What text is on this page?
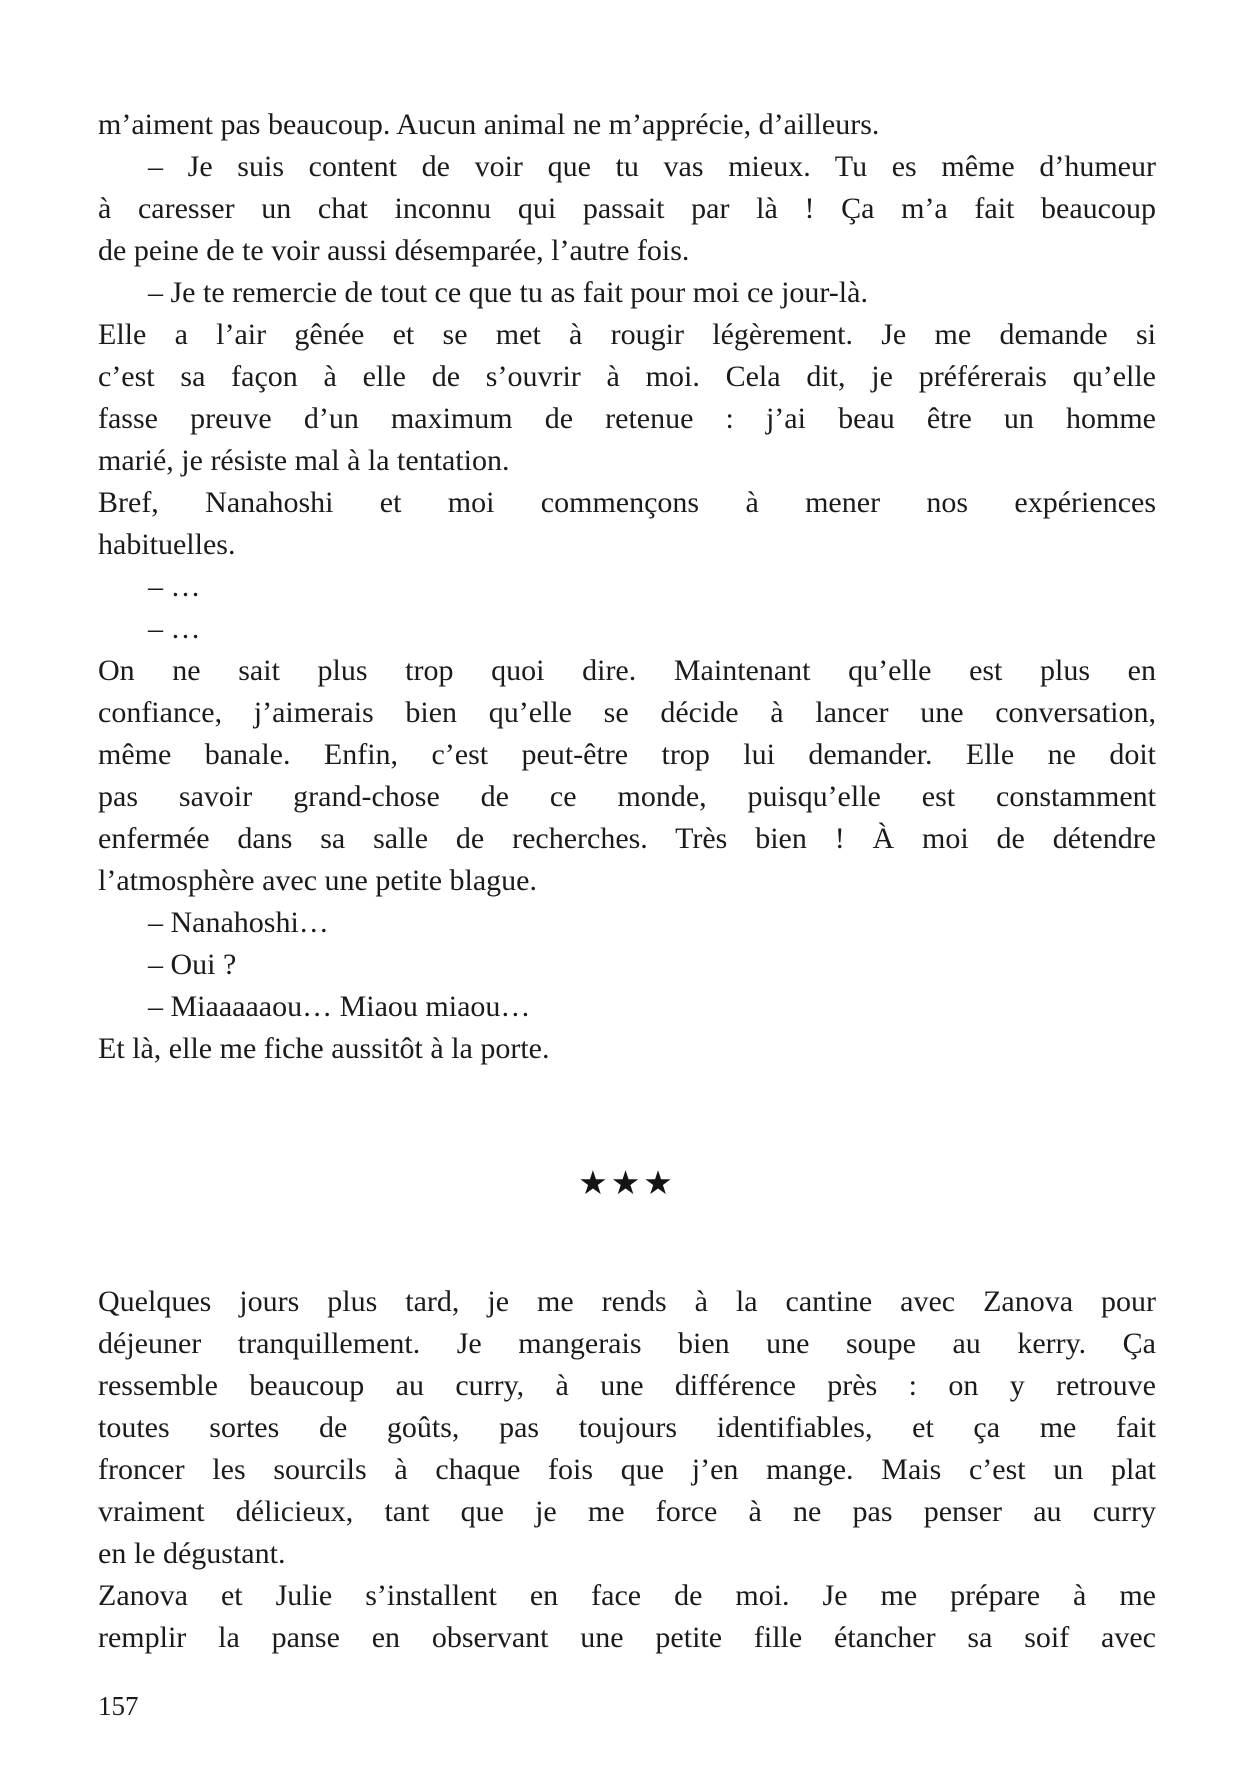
m’aiment pas beaucoup. Aucun animal ne m’apprécie, d’ailleurs.
– Je suis content de voir que tu vas mieux. Tu es même d’humeur
à caresser un chat inconnu qui passait par là ! Ça m’a fait beaucoup
de peine de te voir aussi désemparée, l’autre fois.
– Je te remercie de tout ce que tu as fait pour moi ce jour-là.
Elle a l’air gênée et se met à rougir légèrement. Je me demande si
c’est sa façon à elle de s’ouvrir à moi. Cela dit, je préférerais qu’elle
fasse preuve d’un maximum de retenue : j’ai beau être un homme
marié, je résiste mal à la tentation.
Bref, Nanahoshi et moi commençons à mener nos expériences
habituelles.
– …
– …
On ne sait plus trop quoi dire. Maintenant qu’elle est plus en
confiance, j’aimerais bien qu’elle se décide à lancer une conversation,
même banale. Enfin, c’est peut-être trop lui demander. Elle ne doit
pas savoir grand-chose de ce monde, puisqu’elle est constamment
enfermée dans sa salle de recherches. Très bien ! À moi de détendre
l’atmosphère avec une petite blague.
– Nanahoshi…
– Oui ?
– Miaaaaaou… Miaou miaou…
Et là, elle me fiche aussitôt à la porte.
★★★
Quelques jours plus tard, je me rends à la cantine avec Zanova pour
déjeuner tranquillement. Je mangerais bien une soupe au kerry. Ça
ressemble beaucoup au curry, à une différence près : on y retrouve
toutes sortes de goûts, pas toujours identifiables, et ça me fait
froncer les sourcils à chaque fois que j’en mange. Mais c’est un plat
vraiment délicieux, tant que je me force à ne pas penser au curry
en le dégustant.
Zanova et Julie s’installent en face de moi. Je me prépare à me
remplir la panse en observant une petite fille étancher sa soif avec
157
